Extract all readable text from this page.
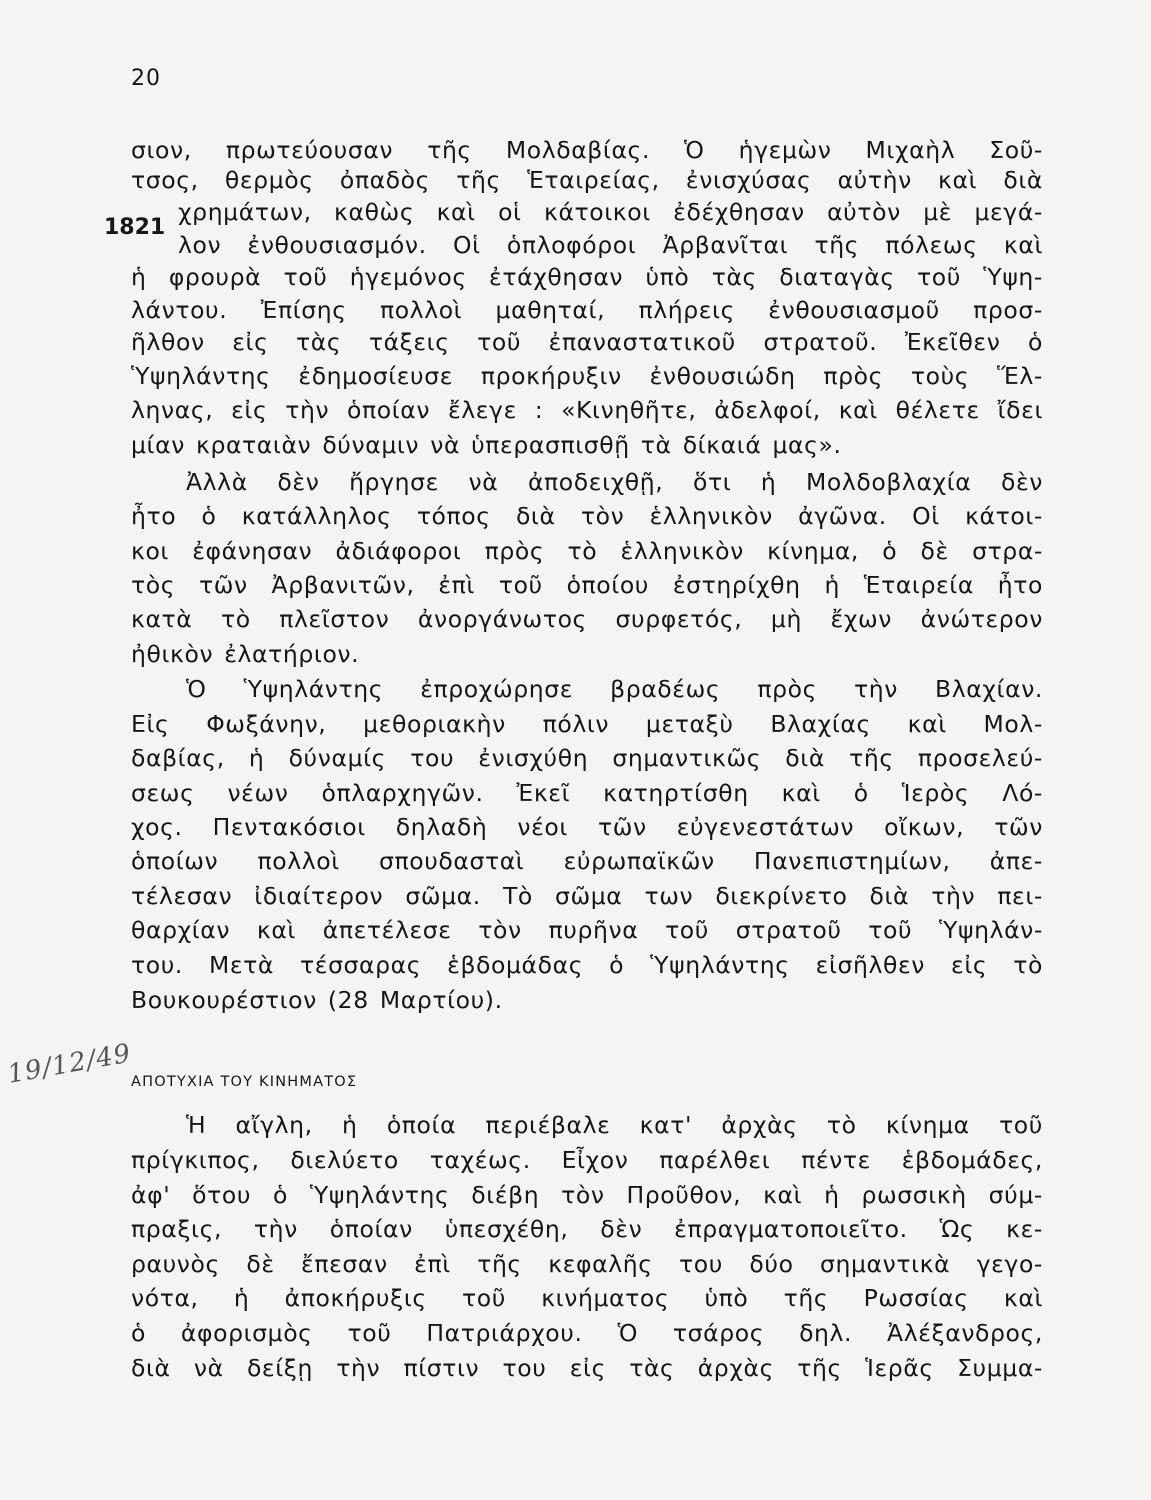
20
1821
19/12/49
σιον, πρωτεύουσαν τῆς Μολδαβίας. Ὁ ἡγεμὼν Μιχαὴλ Σοῦ-
τσος, θερμὸς ὀπαδὸς τῆς Ἑταιρείας, ἐνισχύσας αὐτὴν καὶ διὰ
χρημάτων, καθὼς καὶ οἱ κάτοικοι ἐδέχθησαν αὐτὸν μὲ μεγά-
λον ἐνθουσιασμόν. Οἱ ὁπλοφόροι Ἀρβανῖται τῆς πόλεως καὶ
ἡ φρουρὰ τοῦ ἡγεμόνος ἐτάχθησαν ὑπὸ τὰς διαταγὰς τοῦ Ὑψη-
λάντου. Ἐπίσης πολλοὶ μαθηταί, πλήρεις ἐνθουσιασμοῦ προσ-
ῆλθον εἰς τὰς τάξεις τοῦ ἐπαναστατικοῦ στρατοῦ. Ἐκεῖθεν ὁ
Ὑψηλάντης ἐδημοσίευσε προκήρυξιν ἐνθουσιώδη πρὸς τοὺς Ἕλ-
ληνας, εἰς τὴν ὁποίαν ἔλεγε : «Κινηθῆτε, ἀδελφοί, καὶ θέλετε ἴδει
μίαν κραταιὰν δύναμιν νὰ ὑπερασπισθῇ τὰ δίκαιά μας».
Ἀλλὰ δὲν ἤργησε νὰ ἀποδειχθῇ, ὅτι ἡ Μολδοβλαχία δὲν
ἦτο ὁ κατάλληλος τόπος διὰ τὸν ἑλληνικὸν ἀγῶνα. Οἱ κάτοι-
κοι ἐφάνησαν ἀδιάφοροι πρὸς τὸ ἑλληνικὸν κίνημα, ὁ δὲ στρα-
τὸς τῶν Ἀρβανιτῶν, ἐπὶ τοῦ ὁποίου ἐστηρίχθη ἡ Ἑταιρεία ἦτο
κατὰ τὸ πλεῖστον ἀνοργάνωτος συρφετός, μὴ ἔχων ἀνώτερον
ἠθικὸν ἐλατήριον.
Ὁ Ὑψηλάντης ἐπροχώρησε βραδέως πρὸς τὴν Βλαχίαν.
Εἰς Φωξάνην, μεθοριακὴν πόλιν μεταξὺ Βλαχίας καὶ Μολ-
δαβίας, ἡ δύναμίς του ἐνισχύθη σημαντικῶς διὰ τῆς προσελεύ-
σεως νέων ὁπλαρχηγῶν. Ἐκεῖ κατηρτίσθη καὶ ὁ Ἱερὸς Λό-
χος. Πεντακόσιοι δηλαδὴ νέοι τῶν εὐγενεστάτων οἴκων, τῶν
ὁποίων πολλοὶ σπουδασταὶ εὐρωπαϊκῶν Πανεπιστημίων, ἀπε-
τέλεσαν ἰδιαίτερον σῶμα. Τὸ σῶμα των διεκρίνετο διὰ τὴν πει-
θαρχίαν καὶ ἀπετέλεσε τὸν πυρῆνα τοῦ στρατοῦ τοῦ Ὑψηλάν-
του. Μετὰ τέσσαρας ἑβδομάδας ὁ Ὑψηλάντης εἰσῆλθεν εἰς τὸ
Βουκουρέστιον (28 Μαρτίου).
ΑΠΟΤΥΧΙΑ ΤΟΥ ΚΙΝΗΜΑΤΟΣ
Ἡ αἴγλη, ἡ ὁποία περιέβαλε κατ' ἀρχὰς τὸ κίνημα τοῦ
πρίγκιπος, διελύετο ταχέως. Εἶχον παρέλθει πέντε ἑβδομάδες,
ἀφ' ὅτου ὁ Ὑψηλάντης διέβη τὸν Προῦθον, καὶ ἡ ρωσσικὴ σύμ-
πραξις, τὴν ὁποίαν ὑπεσχέθη, δὲν ἐπραγματοποιεῖτο. Ὡς κε-
ραυνὸς δὲ ἔπεσαν ἐπὶ τῆς κεφαλῆς του δύο σημαντικὰ γεγο-
νότα, ἡ ἀποκήρυξις τοῦ κινήματος ὑπὸ τῆς Ρωσσίας καὶ
ὁ ἀφορισμὸς τοῦ Πατριάρχου. Ὁ τσάρος δηλ. Ἀλέξανδρος,
διὰ νὰ δείξῃ τὴν πίστιν του εἰς τὰς ἀρχὰς τῆς Ἱερᾶς Συμμα-
